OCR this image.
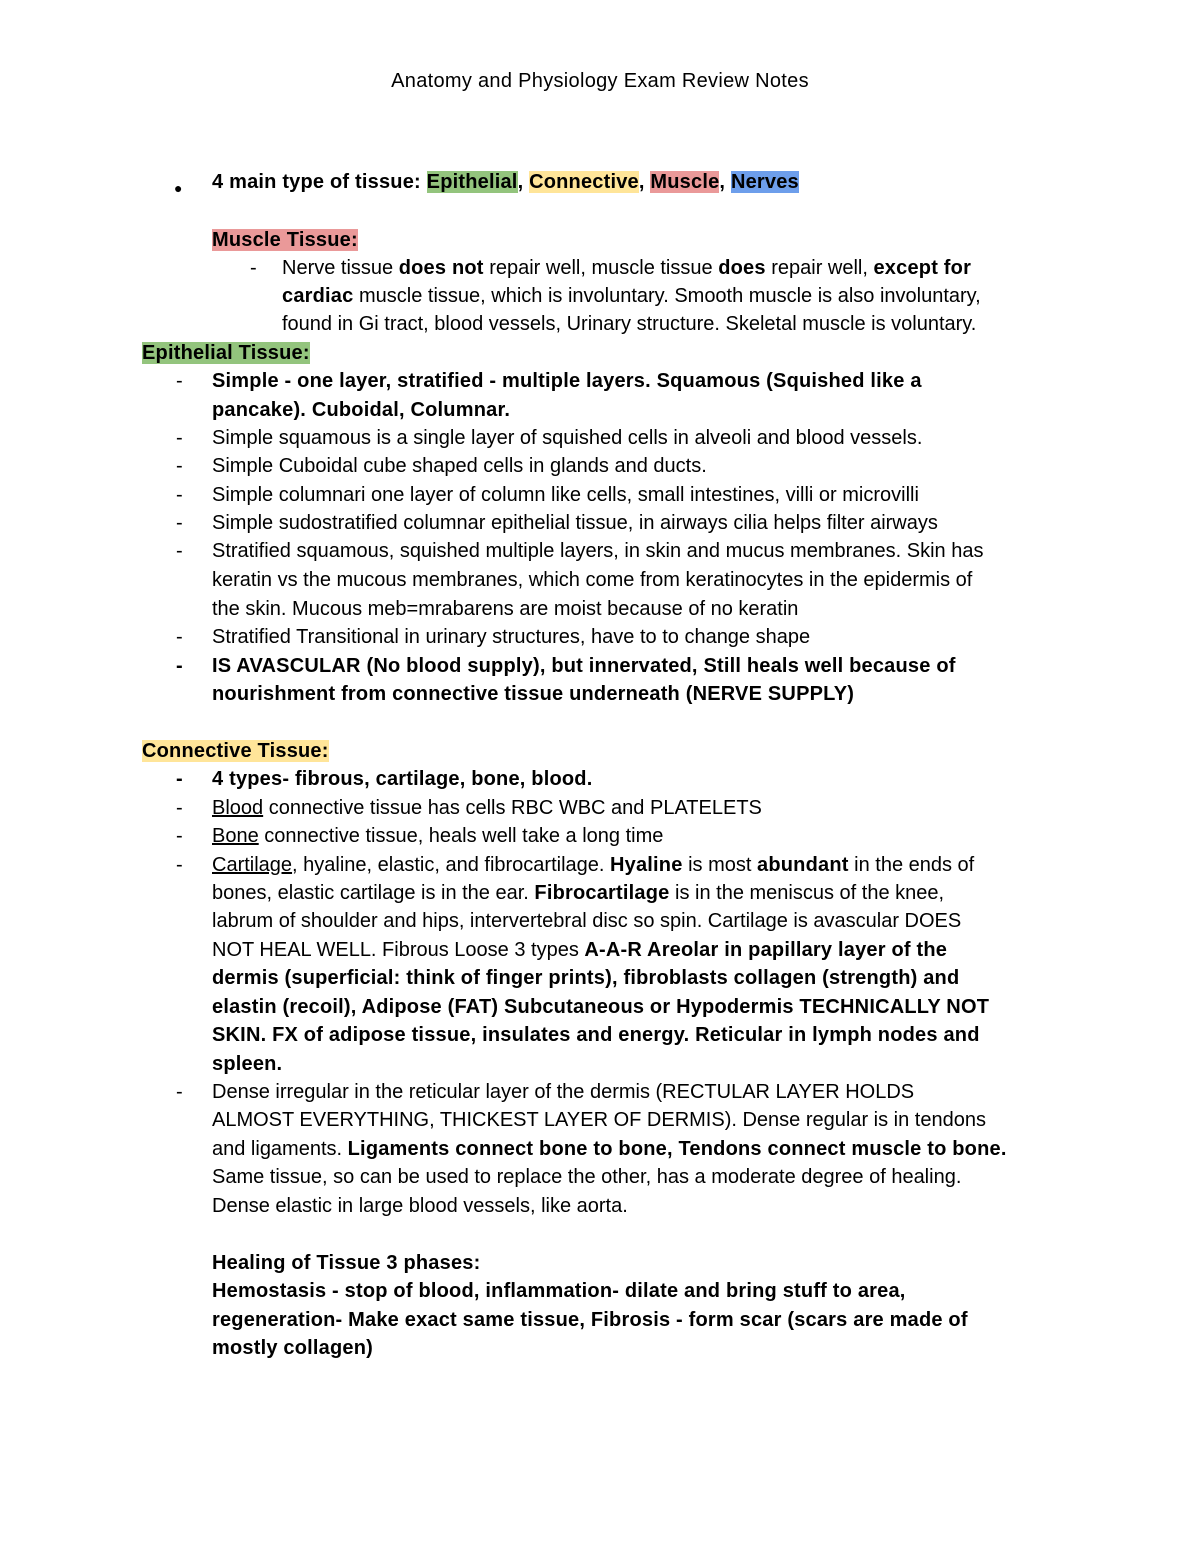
Anatomy and Physiology Exam Review Notes
● 4 main type of tissue: Epithelial, Connective, Muscle, Nerves
Muscle Tissue:
- Nerve tissue does not repair well, muscle tissue does repair well, except for
cardiac muscle tissue, which is involuntary. Smooth muscle is also involuntary,
found in Gi tract, blood vessels, Urinary structure. Skeletal muscle is voluntary.
Epithelial Tissue:
- Simple - one layer, stratified - multiple layers. Squamous (Squished like a
pancake). Cuboidal, Columnar.
- Simple squamous is a single layer of squished cells in alveoli and blood vessels.
- Simple Cuboidal cube shaped cells in glands and ducts.
- Simple columnari one layer of column like cells, small intestines, villi or microvilli
- Simple sudostratified columnar epithelial tissue, in airways cilia helps filter airways
- Stratified squamous, squished multiple layers, in skin and mucus membranes. Skin has
keratin vs the mucous membranes, which come from keratinocytes in the epidermis of
the skin. Mucous meb=mrabarens are moist because of no keratin
- Stratified Transitional in urinary structures, have to to change shape
- IS AVASCULAR (No blood supply), but innervated, Still heals well because of
nourishment from connective tissue underneath (NERVE SUPPLY)
Connective Tissue:
- 4 types- fibrous, cartilage, bone, blood.
- Blood connective tissue has cells RBC WBC and PLATELETS
- Bone connective tissue, heals well take a long time
- Cartilage, hyaline, elastic, and fibrocartilage. Hyaline is most abundant in the ends of
bones, elastic cartilage is in the ear. Fibrocartilage is in the meniscus of the knee,
labrum of shoulder and hips, intervertebral disc so spin. Cartilage is avascular DOES
NOT HEAL WELL. Fibrous Loose 3 types A-A-R Areolar in papillary layer of the
dermis (superficial: think of finger prints), fibroblasts collagen (strength) and
elastin (recoil), Adipose (FAT) Subcutaneous or Hypodermis TECHNICALLY NOT
SKIN. FX of adipose tissue, insulates and energy. Reticular in lymph nodes and
spleen.
- Dense irregular in the reticular layer of the dermis (RECTULAR LAYER HOLDS
ALMOST EVERYTHING, THICKEST LAYER OF DERMIS). Dense regular is in tendons
and ligaments. Ligaments connect bone to bone, Tendons connect muscle to bone.
Same tissue, so can be used to replace the other, has a moderate degree of healing.
Dense elastic in large blood vessels, like aorta.
Healing of Tissue 3 phases:
Hemostasis - stop of blood, inflammation- dilate and bring stuff to area,
regeneration- Make exact same tissue, Fibrosis - form scar (scars are made of
mostly collagen)
